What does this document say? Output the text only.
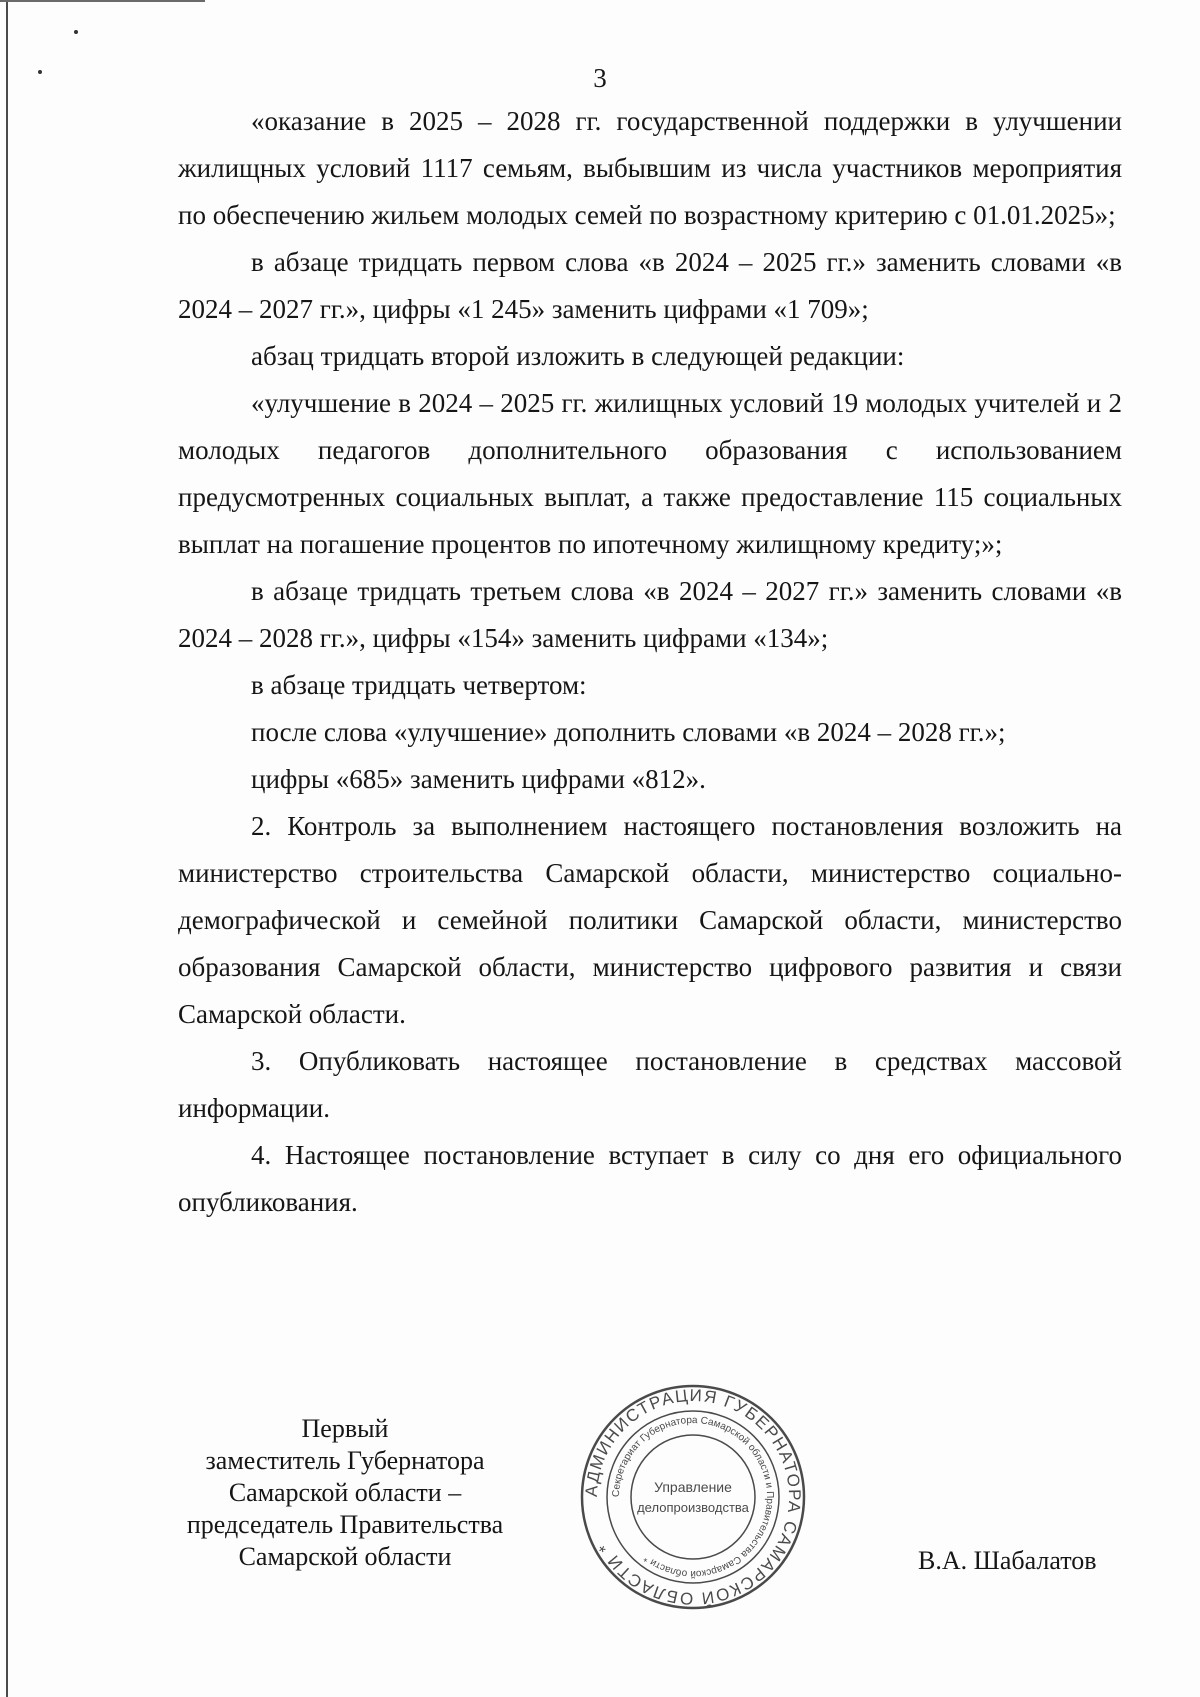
3

«оказание в 2025 – 2028 гг. государственной поддержки в улучшении жилищных условий 1117 семьям, выбывшим из числа участников мероприятия по обеспечению жильем молодых семей по возрастному критерию с 01.01.2025»;

в абзаце тридцать первом слова «в 2024 – 2025 гг.» заменить словами «в 2024 – 2027 гг.», цифры «1 245» заменить цифрами «1 709»;

абзац тридцать второй изложить в следующей редакции:

«улучшение в 2024 – 2025 гг. жилищных условий 19 молодых учителей и 2 молодых педагогов дополнительного образования с использованием предусмотренных социальных выплат, а также предоставление 115 социальных выплат на погашение процентов по ипотечному жилищному кредиту;»;

в абзаце тридцать третьем слова «в 2024 – 2027 гг.» заменить словами «в 2024 – 2028 гг.», цифры «154» заменить цифрами «134»;

в абзаце тридцать четвертом:

после слова «улучшение» дополнить словами «в 2024 – 2028 гг.»;

цифры «685» заменить цифрами «812».

2. Контроль за выполнением настоящего постановления возложить на министерство строительства Самарской области, министерство социально-демографической и семейной политики Самарской области, министерство образования Самарской области, министерство цифрового развития и связи Самарской области.

3. Опубликовать настоящее постановление в средствах массовой информации.

4. Настоящее постановление вступает в силу со дня его официального опубликования.

Первый
заместитель Губернатора
Самарской области –
председатель Правительства
Самарской области
АДМИНИСТРАЦИЯ ГУБЕРНАТОРА САМАРСКОЙ ОБЛАСТИ *
Секретариат Губернатора Самарской области и Правительства Самарской области *
Управление
делопроизводства
В.А. Шабалатов
